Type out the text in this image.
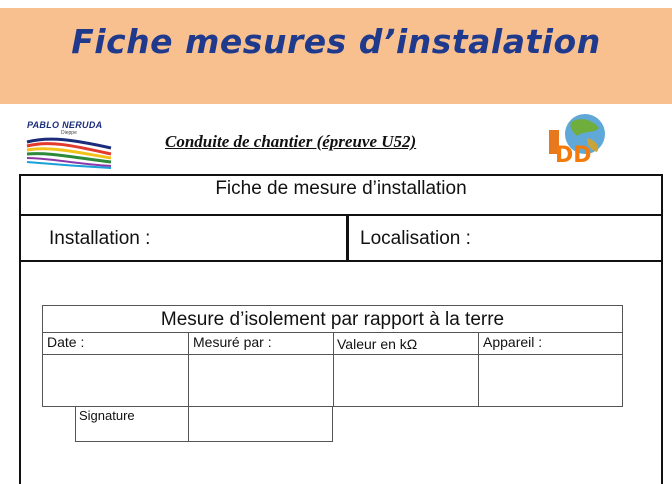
Fiche mesures d’instalation
PABLO NERUDA
Dieppe	Conduite de chantier (épreuve U52)
DD
Fiche de mesure d’installation
Installation :	Localisation :
Mesure d’isolement par rapport à la terre
Date :	Mesuré par :	Valeur en kΩ	Appareil :
Signature
